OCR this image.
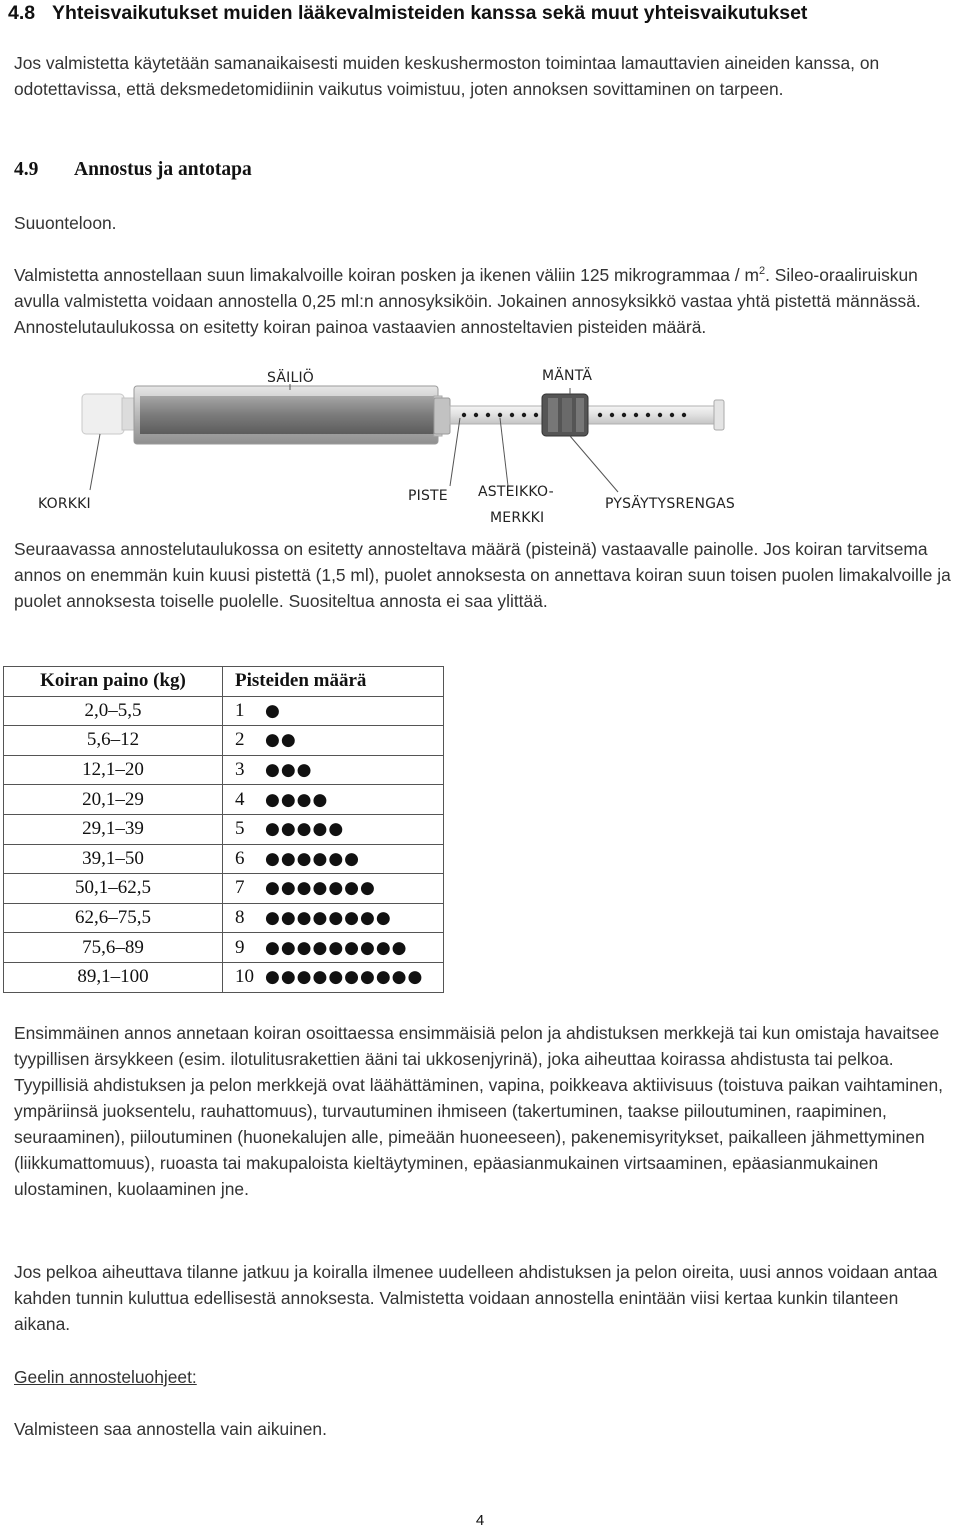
4.8 Yhteisvaikutukset muiden lääkevalmisteiden kanssa sekä muut yhteisvaikutukset

Jos valmistetta käytetään samanaikaisesti muiden keskushermoston toimintaa lamauttavien aineiden kanssa, on odotettavissa, että deksmedetomidiinin vaikutus voimistuu, joten annoksen sovittaminen on tarpeen.

4.9 Annostus ja antotapa

Suuonteloon.

Valmistetta annostellaan suun limakalvoille koiran posken ja ikenen väliin 125 mikrogrammaa / $m^2$. Sileo-oraaliruiskun avulla valmistetta voidaan annostella 0,25 ml:n annosyksiköin. Jokainen annosyksikkö vastaa yhtä pistettä männässä. Annostelutaulukossa on esitetty koiran painoa vastaavien annosteltavien pisteiden määrä.

SÄILIÖ	MÄNTÄ
KORKKI	PISTE ASTEIKKO-
MERKKI
PYSÄYTYSRENGAS

Seuraavassa annostelutaulukossa on esitetty annosteltava määrä (pisteinä) vastaavalle painolle. Jos koiran tarvitsema annos on enemmän kuin kuusi pistettä (1,5 ml), puolet annoksesta on annettava koiran suun toisen puolen limakalvoille ja puolet annoksesta toiselle puolelle. Suositeltua annosta ei saa ylittää.

Koiran paino (kg)	Pisteiden määrä
2,0–5,5	1 ●
5,6–12	2 ●●
12,1–20	3 ●●●
20,1–29	4 ●●●●
29,1–39	5 ●●●●●
39,1–50	6 ●●●●●●
50,1–62,5	7 ●●●●●●●
62,6–75,5	8 ●●●●●●●●
75,6–89	9 ●●●●●●●●●
89,1–100	10 ●●●●●●●●●●

Ensimmäinen annos annetaan koiran osoittaessa ensimmäisiä pelon ja ahdistuksen merkkejä tai kun omistaja havaitsee tyypillisen ärsykkeen (esim. ilotulitusrakettien ääni tai ukkosenjyrinä), joka aiheuttaa koirassa ahdistusta tai pelkoa. Tyypillisiä ahdistuksen ja pelon merkkejä ovat läähättäminen, vapina, poikkeava aktiivisuus (toistuva paikan vaihtaminen, ympäriinsä juoksentelu, rauhattomuus), turvautuminen ihmiseen (takertuminen, taakse piiloutuminen, raapiminen, seuraaminen), piiloutuminen (huonekalujen alle, pimeään huoneeseen), pakenemisyritykset, paikalleen jähmettyminen (liikkumattomuus), ruoasta tai makupaloista kieltäytyminen, epäasianmukainen virtsaaminen, epäasianmukainen ulostaminen, kuolaaminen jne.

Jos pelkoa aiheuttava tilanne jatkuu ja koiralla ilmenee uudelleen ahdistuksen ja pelon oireita, uusi annos voidaan antaa kahden tunnin kuluttua edellisestä annoksesta. Valmistetta voidaan annostella enintään viisi kertaa kunkin tilanteen aikana.

Geelin annosteluohjeet:

Valmisteen saa annostella vain aikuinen.

4
